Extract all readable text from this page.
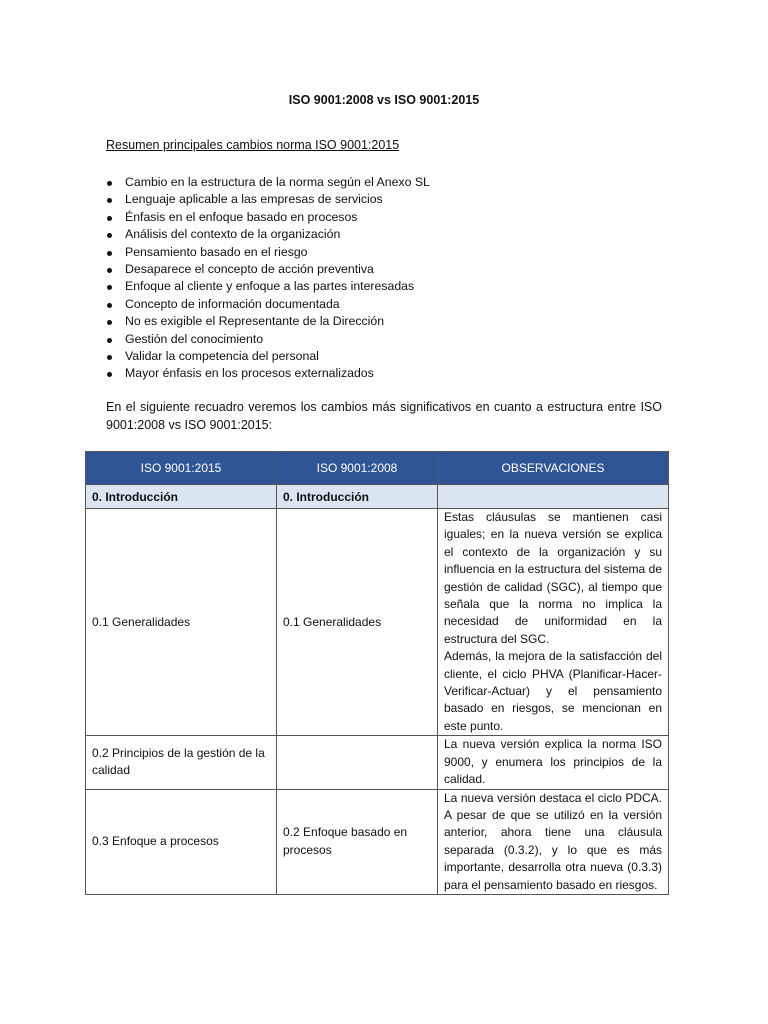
ISO 9001:2008 vs ISO 9001:2015
Resumen principales cambios norma ISO 9001:2015
Cambio en la estructura de la norma según el Anexo SL
Lenguaje aplicable a las empresas de servicios
Énfasis en el enfoque basado en procesos
Análisis del contexto de la organización
Pensamiento basado en el riesgo
Desaparece el concepto de acción preventiva
Enfoque al cliente y enfoque a las partes interesadas
Concepto de información documentada
No es exigible el Representante de la Dirección
Gestión del conocimiento
Validar la competencia del personal
Mayor énfasis en los procesos externalizados

En el siguiente recuadro veremos los cambios más significativos en cuanto a estructura entre ISO 9001:2008 vs ISO 9001:2015:

ISO 9001:2015	ISO 9001:2008	OBSERVACIONES
0. Introducción	0. Introducción	
0.1 Generalidades	0.1 Generalidades	Estas cláusulas se mantienen casi iguales; en la nueva versión se explica el contexto de la organización y su influencia en la estructura del sistema de gestión de calidad (SGC), al tiempo que señala que la norma no implica la necesidad de uniformidad en la estructura del SGC.
Además, la mejora de la satisfacción del cliente, el ciclo PHVA (Planificar-Hacer-Verificar-Actuar) y el pensamiento basado en riesgos, se mencionan en este punto.

0.2 Principios de la gestión de la calidad		La nueva versión explica la norma ISO 9000, y enumera los principios de la calidad.
0.3 Enfoque a procesos	0.2 Enfoque basado en procesos	La nueva versión destaca el ciclo PDCA. A pesar de que se utilizó en la versión anterior, ahora tiene una cláusula separada (0.3.2), y lo que es más importante, desarrolla otra nueva (0.3.3) para el pensamiento basado en riesgos.
